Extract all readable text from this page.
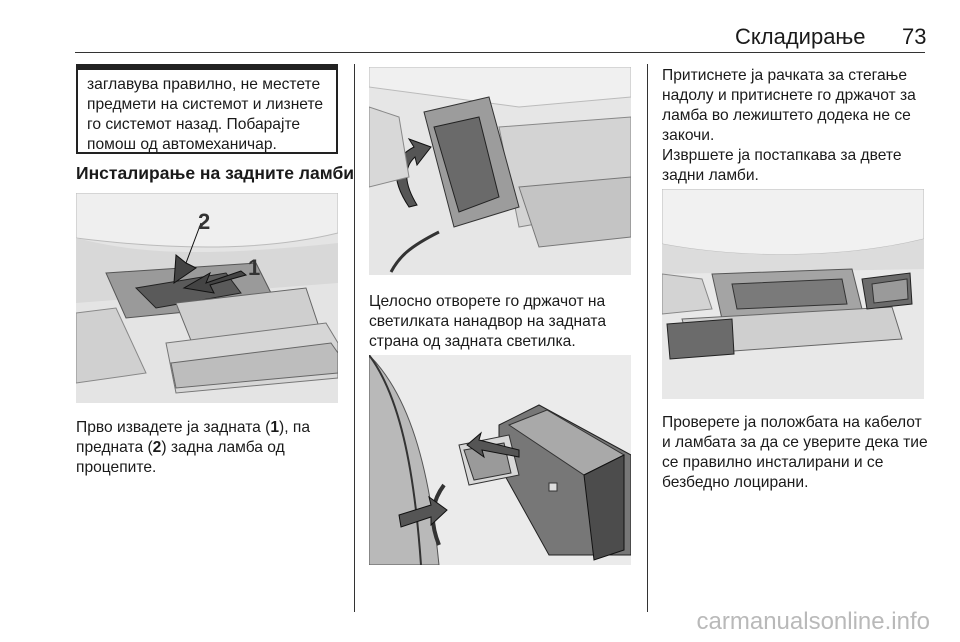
Складирање 73
заглавува правилно, не местете предмети на системот и лизнете го системот назад. Побарајте помош од автомеханичар.
Инсталирање на задните ламби
2
1
Прво извадете ја задната (1), па предната (2) задна ламба од процепите.
Целосно отворете го држачот на светилката нанадвор на задната страна од задната светилка.
Притиснете ја рачката за стегање надолу и притиснете го држачот за ламба во лежиштето додека не се закочи.
Извршете ја постапкава за двете задни ламби.
Проверете ја положбата на кабелот и ламбата за да се уверите дека тие се правилно инсталирани и се безбедно лоцирани.
carmanualsonline.info
